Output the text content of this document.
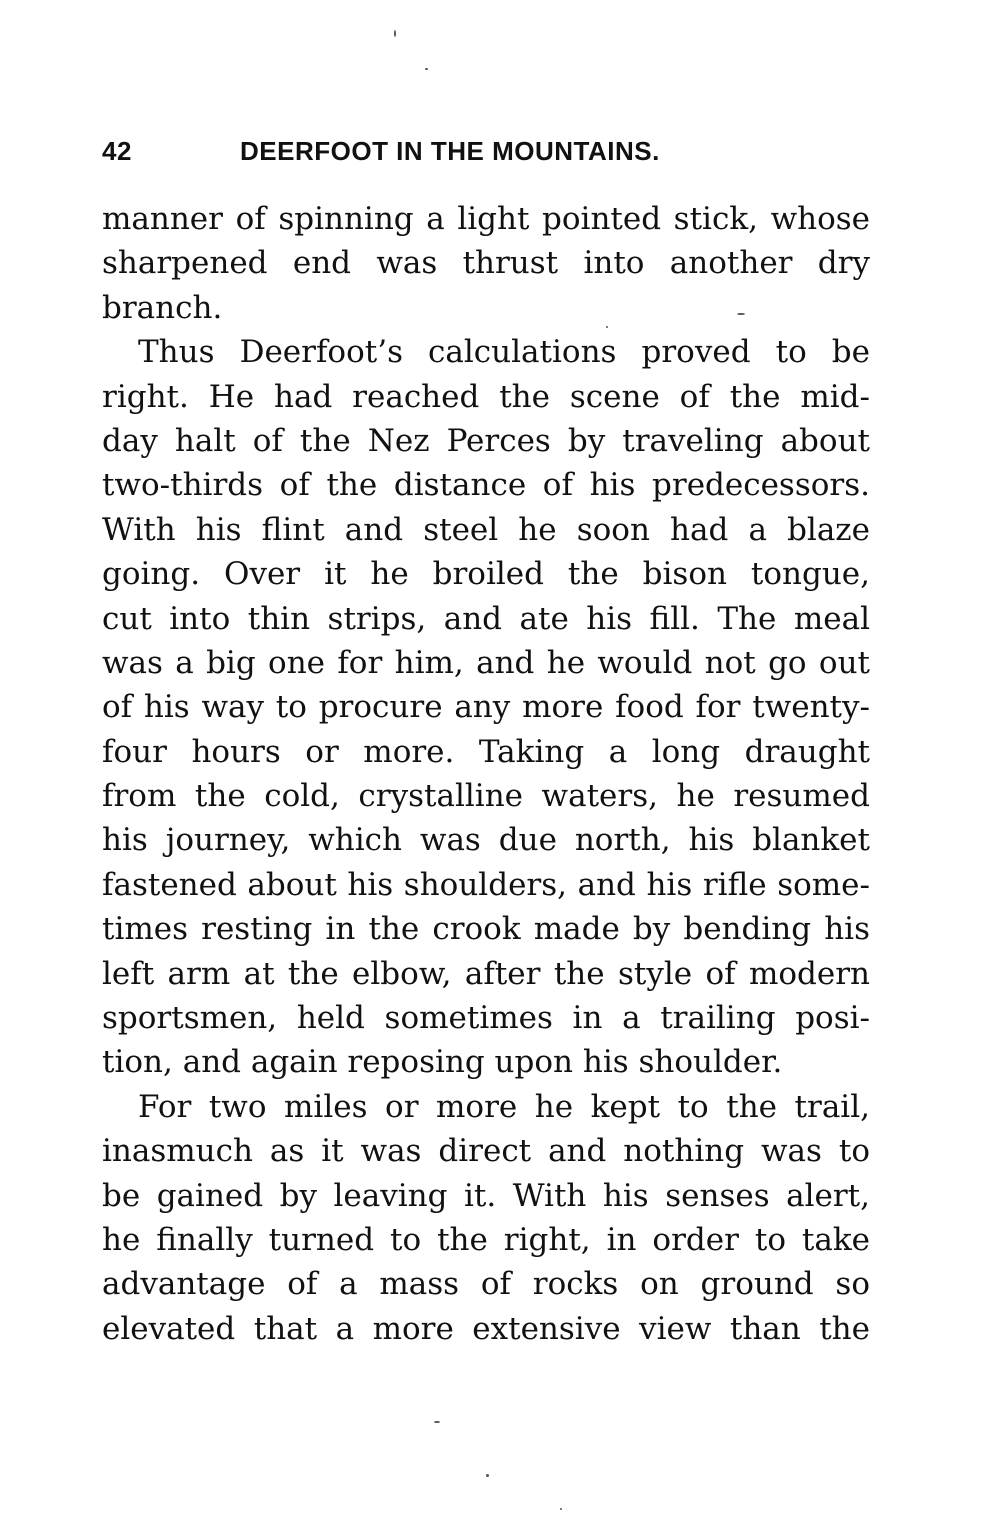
42	DEERFOOT IN THE MOUNTAINS.
manner of spinning a light pointed stick, whose
sharpened end was thrust into another dry
branch.
Thus Deerfoot’s calculations proved to be
right. He had reached the scene of the mid-
day halt of the Nez Perces by traveling about
two-thirds of the distance of his predecessors.
With his flint and steel he soon had a blaze
going. Over it he broiled the bison tongue,
cut into thin strips, and ate his fill. The meal
was a big one for him, and he would not go out
of his way to procure any more food for twenty-
four hours or more. Taking a long draught
from the cold, crystalline waters, he resumed
his journey, which was due north, his blanket
fastened about his shoulders, and his rifle some-
times resting in the crook made by bending his
left arm at the elbow, after the style of modern
sportsmen, held sometimes in a trailing posi-
tion, and again reposing upon his shoulder.
For two miles or more he kept to the trail,
inasmuch as it was direct and nothing was to
be gained by leaving it. With his senses alert,
he finally turned to the right, in order to take
advantage of a mass of rocks on ground so
elevated that a more extensive view than the
